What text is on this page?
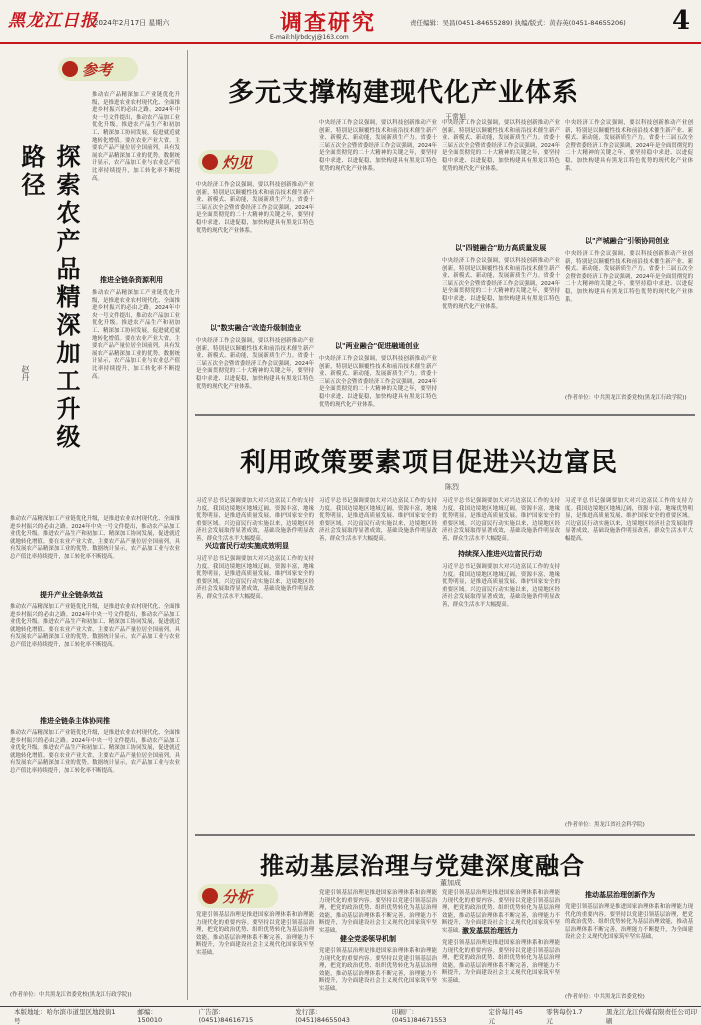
黑龙江日报
2024年2月17日 星期六	调查研究
E-mail:hljrbdcyj@163.com
责任编辑：吴昌(0451-84655289) 执编/版式：黄春英(0451-84655206) 4
参考
探索农产品精深加工升级路径
赵丹
推动农产品精深加工产业链优化升级，是推进农业农村现代化、全面推进乡村振兴的必由之路。2024年中央一号文件提出，推动农产品加工业优化升级。推进农产品生产和初加工、精深加工协同发展，促进就近就地转化增值。要在农业产业大省，主要农产品产量位居全国前列，具有发展农产品精深加工业的优势。数据统计显示，农产品加工业与农业总产值比率持续提升，加工转化率不断提高。
推进全链条资源利用
推动农产品精深加工产业链优化升级，是推进农业农村现代化、全面推进乡村振兴的必由之路。2024年中央一号文件提出，推动农产品加工业优化升级。推进农产品生产和初加工、精深加工协同发展，促进就近就地转化增值。要在农业产业大省，主要农产品产量位居全国前列，具有发展农产品精深加工业的优势。数据统计显示，农产品加工业与农业总产值比率持续提升，加工转化率不断提高。
推动农产品精深加工产业链优化升级，是推进农业农村现代化、全面推进乡村振兴的必由之路。2024年中央一号文件提出，推动农产品加工业优化升级。推进农产品生产和初加工、精深加工协同发展，促进就近就地转化增值。要在农业产业大省，主要农产品产量位居全国前列，具有发展农产品精深加工业的优势。数据统计显示，农产品加工业与农业总产值比率持续提升，加工转化率不断提高。
提升产业全链条效益
推动农产品精深加工产业链优化升级，是推进农业农村现代化、全面推进乡村振兴的必由之路。2024年中央一号文件提出，推动农产品加工业优化升级。推进农产品生产和初加工、精深加工协同发展，促进就近就地转化增值。要在农业产业大省，主要农产品产量位居全国前列，具有发展农产品精深加工业的优势。数据统计显示，农产品加工业与农业总产值比率持续提升，加工转化率不断提高。
推进全链条主体协同推
推动农产品精深加工产业链优化升级，是推进农业农村现代化、全面推进乡村振兴的必由之路。2024年中央一号文件提出，推动农产品加工业优化升级。推进农产品生产和初加工、精深加工协同发展，促进就近就地转化增值。要在农业产业大省，主要农产品产量位居全国前列，具有发展农产品精深加工业的优势。数据统计显示，农产品加工业与农业总产值比率持续提升，加工转化率不断提高。
(作者单位：中共黑龙江省委党校(黑龙江行政学院))
多元支撑构建现代化产业体系
王常旭
灼见
中央经济工作会议强调，要以科技创新推动产业创新，特别是以颠覆性技术和前沿技术催生新产业、新模式、新动能，发展新质生产力。省委十三届五次全会暨省委经济工作会议强调，2024年是全面贯彻党的二十大精神的关键之年，要坚持稳中求进、以进促稳，加快构建具有黑龙江特色优势的现代化产业体系。
以"数实融合"改造升级制造业
中央经济工作会议强调，要以科技创新推动产业创新，特别是以颠覆性技术和前沿技术催生新产业、新模式、新动能，发展新质生产力。省委十三届五次全会暨省委经济工作会议强调，2024年是全面贯彻党的二十大精神的关键之年，要坚持稳中求进、以进促稳，加快构建具有黑龙江特色优势的现代化产业体系。
中央经济工作会议强调，要以科技创新推动产业创新，特别是以颠覆性技术和前沿技术催生新产业、新模式、新动能，发展新质生产力。省委十三届五次全会暨省委经济工作会议强调，2024年是全面贯彻党的二十大精神的关键之年，要坚持稳中求进、以进促稳，加快构建具有黑龙江特色优势的现代化产业体系。
以"两业融合"促进融通创业
中央经济工作会议强调，要以科技创新推动产业创新，特别是以颠覆性技术和前沿技术催生新产业、新模式、新动能，发展新质生产力。省委十三届五次全会暨省委经济工作会议强调，2024年是全面贯彻党的二十大精神的关键之年，要坚持稳中求进、以进促稳，加快构建具有黑龙江特色优势的现代化产业体系。
中央经济工作会议强调，要以科技创新推动产业创新，特别是以颠覆性技术和前沿技术催生新产业、新模式、新动能，发展新质生产力。省委十三届五次全会暨省委经济工作会议强调，2024年是全面贯彻党的二十大精神的关键之年，要坚持稳中求进、以进促稳，加快构建具有黑龙江特色优势的现代化产业体系。
以"四链融合"助力高质量发展
中央经济工作会议强调，要以科技创新推动产业创新，特别是以颠覆性技术和前沿技术催生新产业、新模式、新动能，发展新质生产力。省委十三届五次全会暨省委经济工作会议强调，2024年是全面贯彻党的二十大精神的关键之年，要坚持稳中求进、以进促稳，加快构建具有黑龙江特色优势的现代化产业体系。
中央经济工作会议强调，要以科技创新推动产业创新，特别是以颠覆性技术和前沿技术催生新产业、新模式、新动能，发展新质生产力。省委十三届五次全会暨省委经济工作会议强调，2024年是全面贯彻党的二十大精神的关键之年，要坚持稳中求进、以进促稳，加快构建具有黑龙江特色优势的现代化产业体系。
以"产城融合"引领协同创业
中央经济工作会议强调，要以科技创新推动产业创新，特别是以颠覆性技术和前沿技术催生新产业、新模式、新动能，发展新质生产力。省委十三届五次全会暨省委经济工作会议强调，2024年是全面贯彻党的二十大精神的关键之年，要坚持稳中求进、以进促稳，加快构建具有黑龙江特色优势的现代化产业体系。
(作者单位：中共黑龙江省委党校(黑龙江行政学院))
利用政策要素项目促进兴边富民
陈烈
习近平总书记强调要加大对兴边富民工作的支持力度。我国边境地区地域辽阔，资源丰富，地缘优势明显，是推进高质量发展、维护国家安全的重要区域。兴边富民行动实施以来，边境地区经济社会发展取得显著成效，基础设施条件明显改善，群众生活水平大幅提高。
兴边富民行动实施成效明显
习近平总书记强调要加大对兴边富民工作的支持力度。我国边境地区地域辽阔，资源丰富，地缘优势明显，是推进高质量发展、维护国家安全的重要区域。兴边富民行动实施以来，边境地区经济社会发展取得显著成效，基础设施条件明显改善，群众生活水平大幅提高。
习近平总书记强调要加大对兴边富民工作的支持力度。我国边境地区地域辽阔，资源丰富，地缘优势明显，是推进高质量发展、维护国家安全的重要区域。兴边富民行动实施以来，边境地区经济社会发展取得显著成效，基础设施条件明显改善，群众生活水平大幅提高。
习近平总书记强调要加大对兴边富民工作的支持力度。我国边境地区地域辽阔，资源丰富，地缘优势明显，是推进高质量发展、维护国家安全的重要区域。兴边富民行动实施以来，边境地区经济社会发展取得显著成效，基础设施条件明显改善，群众生活水平大幅提高。
持续深入推进兴边富民行动
习近平总书记强调要加大对兴边富民工作的支持力度。我国边境地区地域辽阔，资源丰富，地缘优势明显，是推进高质量发展、维护国家安全的重要区域。兴边富民行动实施以来，边境地区经济社会发展取得显著成效，基础设施条件明显改善，群众生活水平大幅提高。
习近平总书记强调要加大对兴边富民工作的支持力度。我国边境地区地域辽阔，资源丰富，地缘优势明显，是推进高质量发展、维护国家安全的重要区域。兴边富民行动实施以来，边境地区经济社会发展取得显著成效，基础设施条件明显改善，群众生活水平大幅提高。
(作者单位：黑龙江省社会科学院)
推动基层治理与党建深度融合
董加成
分析
党建引领基层治理是推进国家治理体系和治理能力现代化的重要内容。要坚持以党建引领基层治理，把党的政治优势、组织优势转化为基层治理效能，推动基层治理体系不断完善，治理能力不断提升，为全面建设社会主义现代化国家筑牢坚实基础。
党建引领基层治理是推进国家治理体系和治理能力现代化的重要内容。要坚持以党建引领基层治理，把党的政治优势、组织优势转化为基层治理效能，推动基层治理体系不断完善，治理能力不断提升，为全面建设社会主义现代化国家筑牢坚实基础。
健全党委领导机制
党建引领基层治理是推进国家治理体系和治理能力现代化的重要内容。要坚持以党建引领基层治理，把党的政治优势、组织优势转化为基层治理效能，推动基层治理体系不断完善，治理能力不断提升，为全面建设社会主义现代化国家筑牢坚实基础。
党建引领基层治理是推进国家治理体系和治理能力现代化的重要内容。要坚持以党建引领基层治理，把党的政治优势、组织优势转化为基层治理效能，推动基层治理体系不断完善，治理能力不断提升，为全面建设社会主义现代化国家筑牢坚实基础。
激发基层治理活力
党建引领基层治理是推进国家治理体系和治理能力现代化的重要内容。要坚持以党建引领基层治理，把党的政治优势、组织优势转化为基层治理效能，推动基层治理体系不断完善，治理能力不断提升，为全面建设社会主义现代化国家筑牢坚实基础。
推动基层治理创新作为
党建引领基层治理是推进国家治理体系和治理能力现代化的重要内容。要坚持以党建引领基层治理，把党的政治优势、组织优势转化为基层治理效能，推动基层治理体系不断完善，治理能力不断提升，为全面建设社会主义现代化国家筑牢坚实基础。
(作者单位：中共黑龙江省委党校)
本版地址：哈尔滨市道里区地段街1号
邮编：150010
广告部：(0451)84616715
发行部：(0451)84655043
印刷厂：(0451)84671553
定价每月45元
零售每份1.7元
黑龙江龙江传媒有限责任公司印刷
